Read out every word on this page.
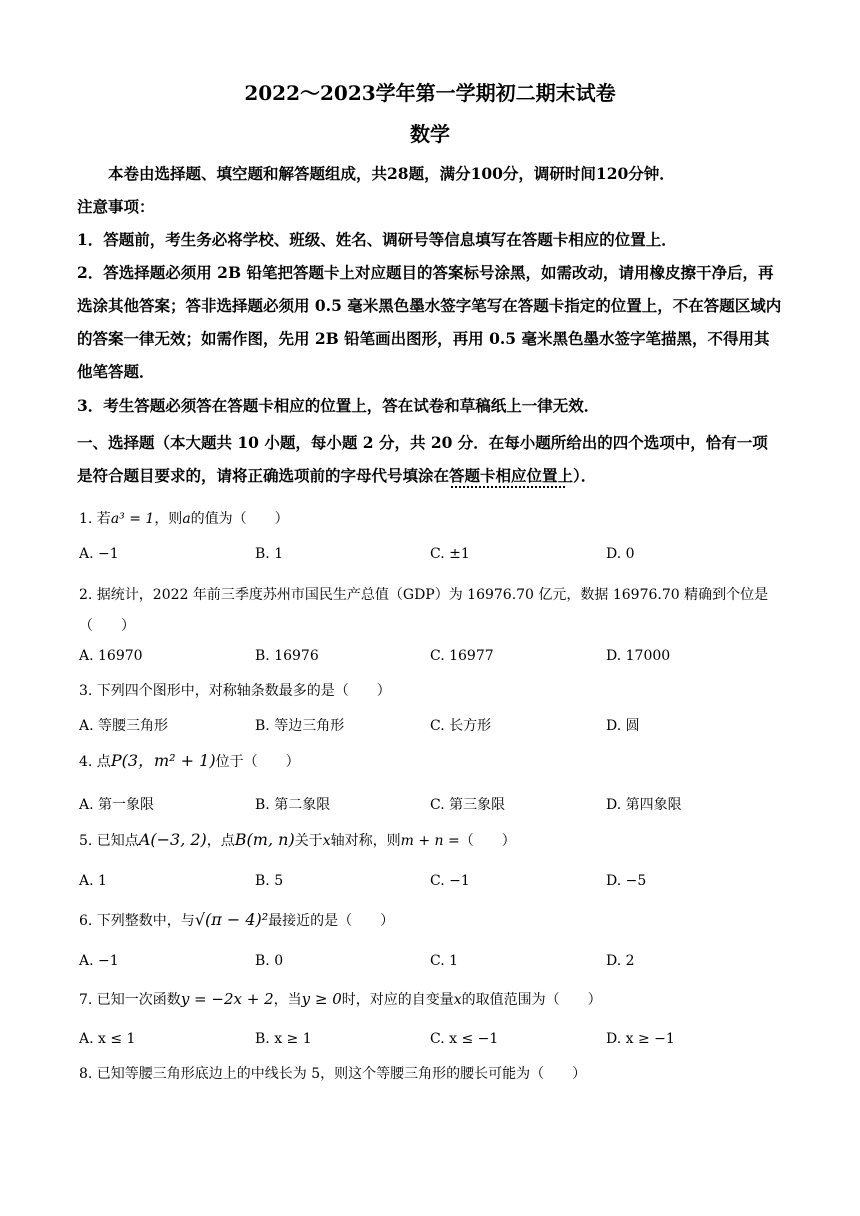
2022～2023学年第一学期初二期末试卷
数学
本卷由选择题、填空题和解答题组成，共28题，满分100分，调研时间120分钟．
注意事项：
1．答题前，考生务必将学校、班级、姓名、调研号等信息填写在答题卡相应的位置上．
2．答选择题必须用 2B 铅笔把答题卡上对应题目的答案标号涂黑，如需改动，请用橡皮擦干净后，再选涂其他答案；答非选择题必须用 0.5 毫米黑色墨水签字笔写在答题卡指定的位置上，不在答题区域内的答案一律无效；如需作图，先用 2B 铅笔画出图形，再用 0.5 毫米黑色墨水签字笔描黑，不得用其他笔答题．
3．考生答题必须答在答题卡相应的位置上，答在试卷和草稿纸上一律无效．
一、选择题（本大题共 10 小题，每小题 2 分，共 20 分．在每小题所给出的四个选项中，恰有一项是符合题目要求的，请将正确选项前的字母代号填涂在答题卡相应位置上）．
1. 若a³ = 1，则a的值为（　　）
A. −1	B. 1	C. ±1	D. 0
2. 据统计，2022 年前三季度苏州市国民生产总值（GDP）为 16976.70 亿元，数据 16976.70 精确到个位是
（　　）
A. 16970	B. 16976	C. 16977	D. 17000
3. 下列四个图形中，对称轴条数最多的是（　　）
A. 等腰三角形	B. 等边三角形	C. 长方形	D. 圆
4. 点P(3，m² + 1)位于（　　）
A. 第一象限	B. 第二象限	C. 第三象限	D. 第四象限
5. 已知点A(−3, 2)，点B(m, n)关于x轴对称，则m + n =（　　）
A. 1	B. 5	C. −1	D. −5
6. 下列整数中，与√(π − 4)²最接近的是（　　）
A. −1	B. 0	C. 1	D. 2
7. 已知一次函数y = −2x + 2，当y ≥ 0时，对应的自变量x的取值范围为（　　）
A. x ≤ 1	B. x ≥ 1	C. x ≤ −1	D. x ≥ −1
8. 已知等腰三角形底边上的中线长为 5，则这个等腰三角形的腰长可能为（　　）
